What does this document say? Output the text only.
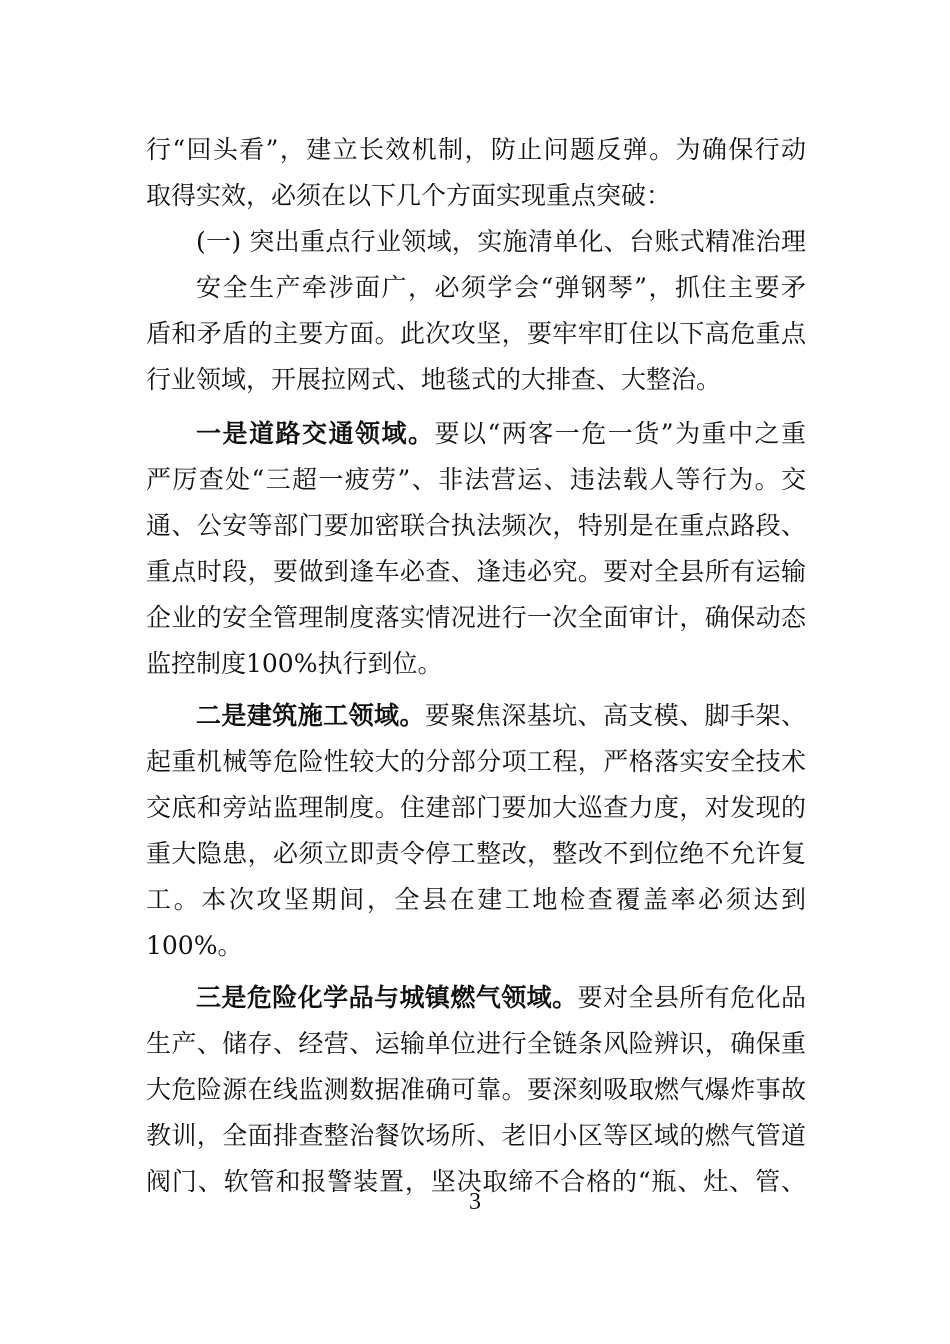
行“回头看”，建立长效机制，防止问题反弹。为确保行动
取得实效，必须在以下几个方面实现重点突破：
(一) 突出重点行业领域，实施清单化、台账式精准治理
安全生产牵涉面广，必须学会“弹钢琴”，抓住主要矛
盾和矛盾的主要方面。此次攻坚，要牢牢盯住以下高危重点
行业领域，开展拉网式、地毯式的大排查、大整治。
一是道路交通领域。要以“两客一危一货”为重中之重
严厉查处“三超一疲劳”、非法营运、违法载人等行为。交
通、公安等部门要加密联合执法频次，特别是在重点路段、
重点时段，要做到逢车必查、逢违必究。要对全县所有运输
企业的安全管理制度落实情况进行一次全面审计，确保动态
监控制度100%执行到位。
二是建筑施工领域。要聚焦深基坑、高支模、脚手架、
起重机械等危险性较大的分部分项工程，严格落实安全技术
交底和旁站监理制度。住建部门要加大巡查力度，对发现的
重大隐患，必须立即责令停工整改，整改不到位绝不允许复
工。本次攻坚期间，全县在建工地检查覆盖率必须达到
100%。
三是危险化学品与城镇燃气领域。要对全县所有危化品
生产、储存、经营、运输单位进行全链条风险辨识，确保重
大危险源在线监测数据准确可靠。要深刻吸取燃气爆炸事故
教训，全面排查整治餐饮场所、老旧小区等区域的燃气管道
阀门、软管和报警装置，坚决取缔不合格的“瓶、灶、管、
3
